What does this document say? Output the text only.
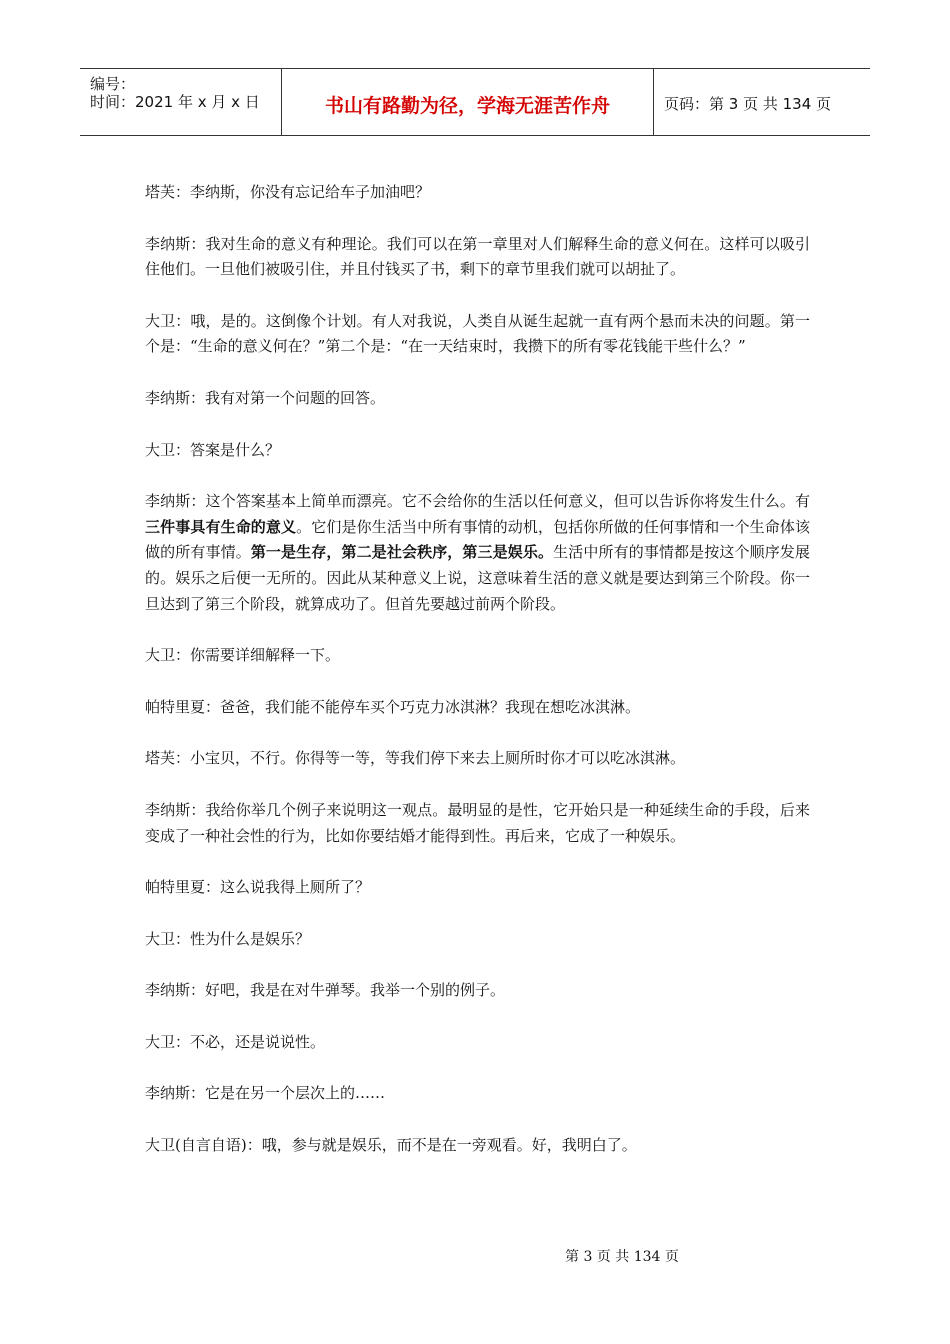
编号：
时间：2021 年 x 月 x 日	书山有路勤为径，学海无涯苦作舟	页码：第 3 页 共 134 页

塔芙：李纳斯，你没有忘记给车子加油吧？

李纳斯：我对生命的意义有种理论。我们可以在第一章里对人们解释生命的意义何在。这样可以吸引住他们。一旦他们被吸引住，并且付钱买了书，剩下的章节里我们就可以胡扯了。

大卫：哦，是的。这倒像个计划。有人对我说，人类自从诞生起就一直有两个悬而未决的问题。第一个是：“生命的意义何在？”第二个是：“在一天结束时，我攒下的所有零花钱能干些什么？”

李纳斯：我有对第一个问题的回答。

大卫：答案是什么？

李纳斯：这个答案基本上简单而漂亮。它不会给你的生活以任何意义，但可以告诉你将发生什么。有三件事具有生命的意义。它们是你生活当中所有事情的动机，包括你所做的任何事情和一个生命体该做的所有事情。第一是生存，第二是社会秩序，第三是娱乐。生活中所有的事情都是按这个顺序发展的。娱乐之后便一无所的。因此从某种意义上说，这意味着生活的意义就是要达到第三个阶段。你一旦达到了第三个阶段，就算成功了。但首先要越过前两个阶段。

大卫：你需要详细解释一下。

帕特里夏：爸爸，我们能不能停车买个巧克力冰淇淋？我现在想吃冰淇淋。

塔芙：小宝贝，不行。你得等一等，等我们停下来去上厕所时你才可以吃冰淇淋。

李纳斯：我给你举几个例子来说明这一观点。最明显的是性，它开始只是一种延续生命的手段，后来变成了一种社会性的行为，比如你要结婚才能得到性。再后来，它成了一种娱乐。

帕特里夏：这么说我得上厕所了？

大卫：性为什么是娱乐？

李纳斯：好吧，我是在对牛弹琴。我举一个别的例子。

大卫：不必，还是说说性。

李纳斯：它是在另一个层次上的……

大卫(自言自语)：哦，参与就是娱乐，而不是在一旁观看。好，我明白了。

第 3 页 共 134 页
